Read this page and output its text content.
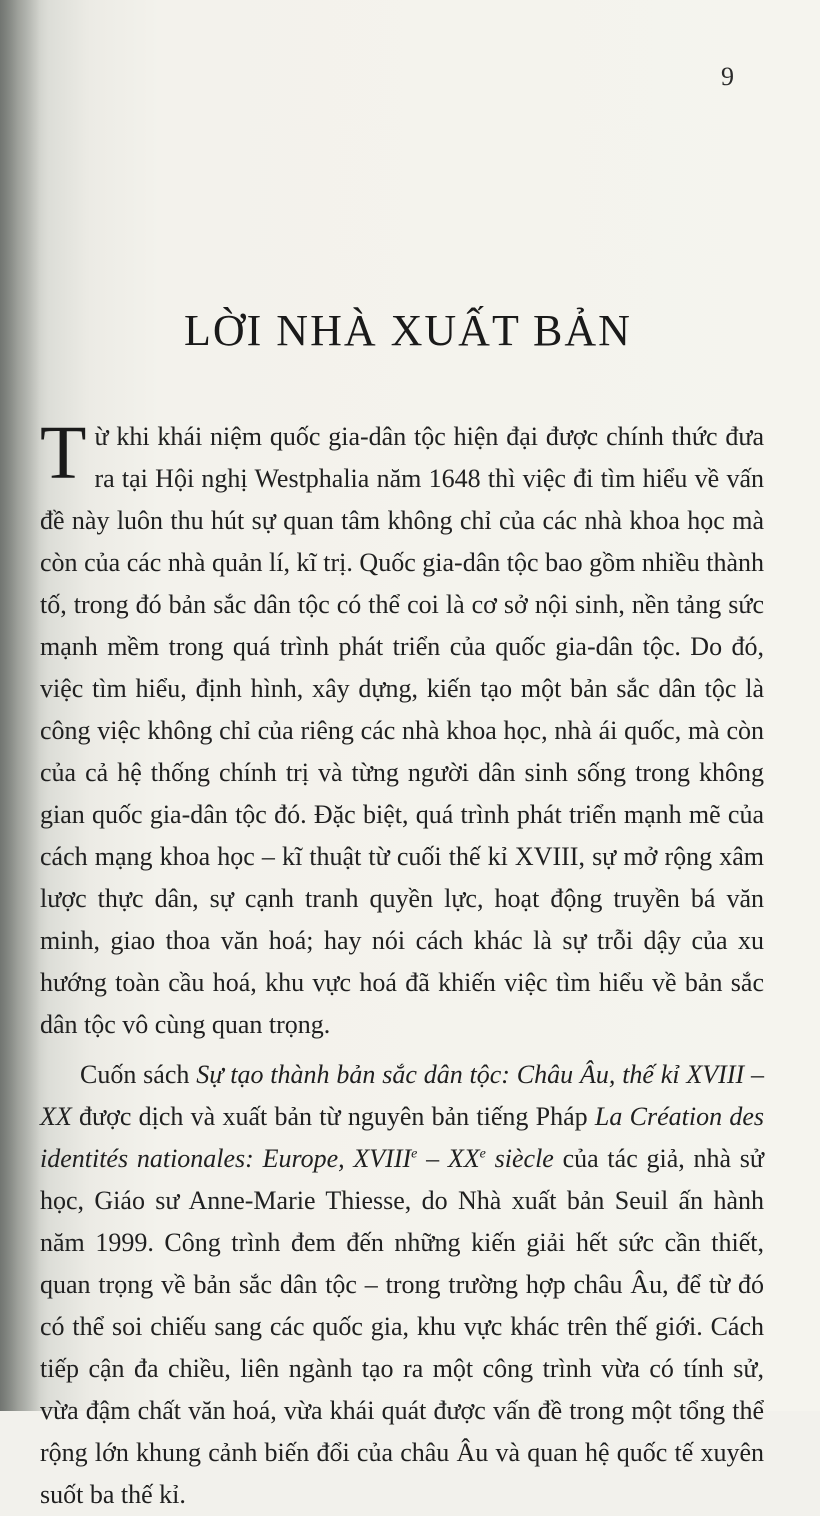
9
LỜI NHÀ XUẤT BẢN

Từ khi khái niệm quốc gia-dân tộc hiện đại được chính thức đưa ra tại Hội nghị Westphalia năm 1648 thì việc đi tìm hiểu về vấn đề này luôn thu hút sự quan tâm không chỉ của các nhà khoa học mà còn của các nhà quản lí, kĩ trị. Quốc gia-dân tộc bao gồm nhiều thành tố, trong đó bản sắc dân tộc có thể coi là cơ sở nội sinh, nền tảng sức mạnh mềm trong quá trình phát triển của quốc gia-dân tộc. Do đó, việc tìm hiểu, định hình, xây dựng, kiến tạo một bản sắc dân tộc là công việc không chỉ của riêng các nhà khoa học, nhà ái quốc, mà còn của cả hệ thống chính trị và từng người dân sinh sống trong không gian quốc gia-dân tộc đó. Đặc biệt, quá trình phát triển mạnh mẽ của cách mạng khoa học – kĩ thuật từ cuối thế kỉ XVIII, sự mở rộng xâm lược thực dân, sự cạnh tranh quyền lực, hoạt động truyền bá văn minh, giao thoa văn hoá; hay nói cách khác là sự trỗi dậy của xu hướng toàn cầu hoá, khu vực hoá đã khiến việc tìm hiểu về bản sắc dân tộc vô cùng quan trọng.

Cuốn sách Sự tạo thành bản sắc dân tộc: Châu Âu, thế kỉ XVIII – XX được dịch và xuất bản từ nguyên bản tiếng Pháp La Création des identités nationales: Europe, XVIIIe – XXe siècle của tác giả, nhà sử học, Giáo sư Anne-Marie Thiesse, do Nhà xuất bản Seuil ấn hành năm 1999. Công trình đem đến những kiến giải hết sức cần thiết, quan trọng về bản sắc dân tộc – trong trường hợp châu Âu, để từ đó có thể soi chiếu sang các quốc gia, khu vực khác trên thế giới. Cách tiếp cận đa chiều, liên ngành tạo ra một công trình vừa có tính sử, vừa đậm chất văn hoá, vừa khái quát được vấn đề trong một tổng thể rộng lớn khung cảnh biến đổi của châu Âu và quan hệ quốc tế xuyên suốt ba thế kỉ.
